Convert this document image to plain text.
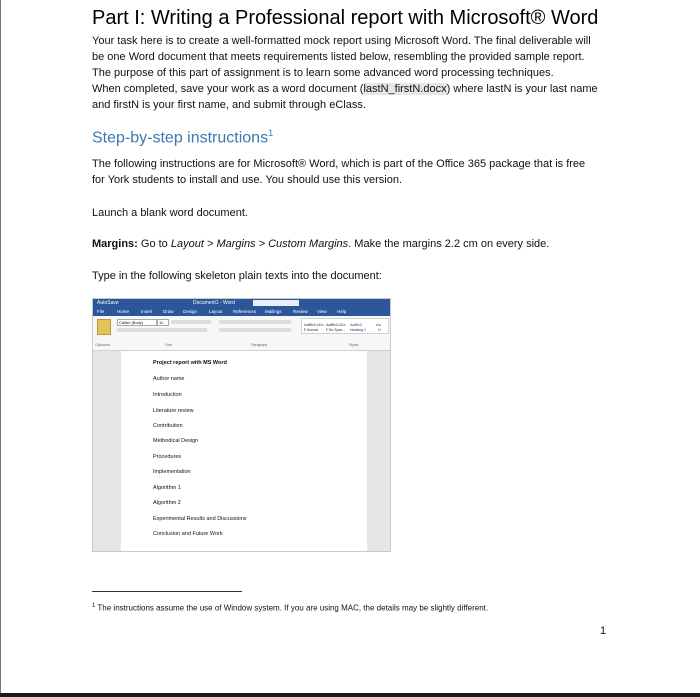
Part I: Writing a Professional report with Microsoft® Word
Your task here is to create a well-formatted mock report using Microsoft Word. The final deliverable will
be one Word document that meets requirements listed below, resembling the provided sample report.
The purpose of this part of assignment is to learn some advanced word processing techniques.
When completed, save your work as a word document (lastN_firstN.docx) where lastN is your last name
and firstN is your first name, and submit through eClass.
Step-by-step instructions$^1$
The following instructions are for Microsoft® Word, which is part of the Office 365 package that is free
for York students to install and use. You should use this version.
Launch a blank word document.
Margins: Go to Layout > Margins > Custom Margins. Make the margins 2.2 cm on every side.
Type in the following skeleton plain texts into the document:
AutoSave	Document1 - Word
File	Home	Insert Draw Design	Layout References Mailings	Review View Help
Calibri (Body)	11	AaBbCcDc AaBbCcDc AaBbC	Aa
¶ Normal ¶ No Spac... Heading 1	H
Clipboard	Font	Paragraph	Styles
Project report with MS Word
Author name
Introduction
Literature review
Contribution
Methodical Design
Procedures
Implementation
Algorithm 1
Algorithm 2
Experimental Results and Discussions
Conclusion and Future Work
$^1$ The instructions assume the use of Window system. If you are using MAC, the details may be slightly different.
1
